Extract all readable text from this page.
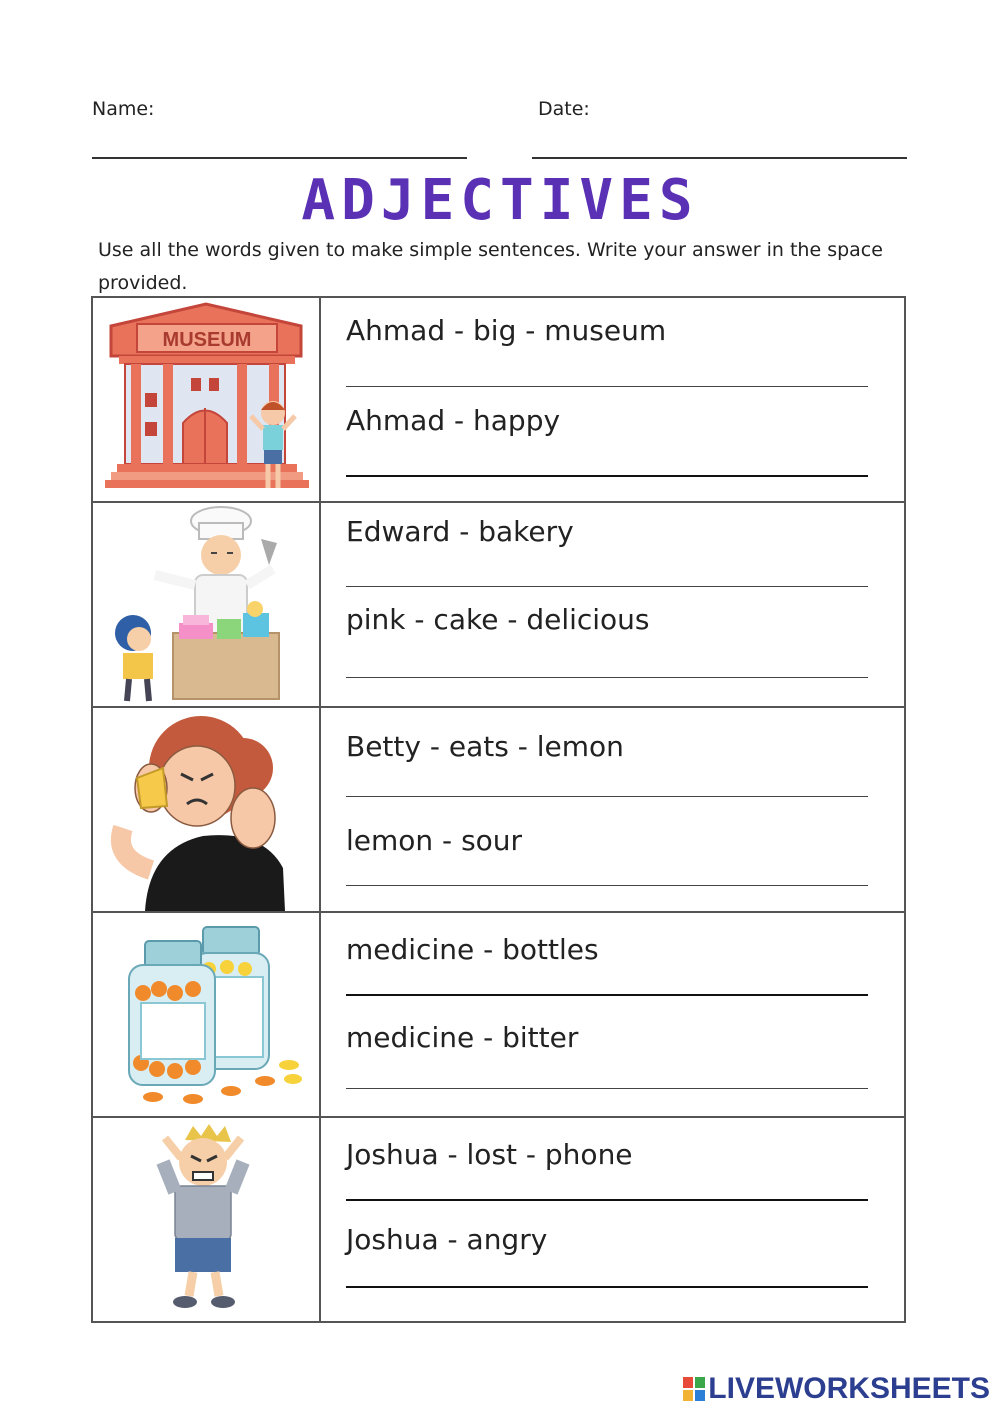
Name:	Date:
ADJECTIVES
Use all the words given to make simple sentences. Write your answer in the space provided.
MUSEUM	Ahmad - big - museum
Ahmad - happy

Edward - bakery
pink - cake - delicious

Betty - eats - lemon
lemon - sour

medicine - bottles
medicine - bitter

Joshua - lost - phone
Joshua - angry
LIVEWORKSHEETS
